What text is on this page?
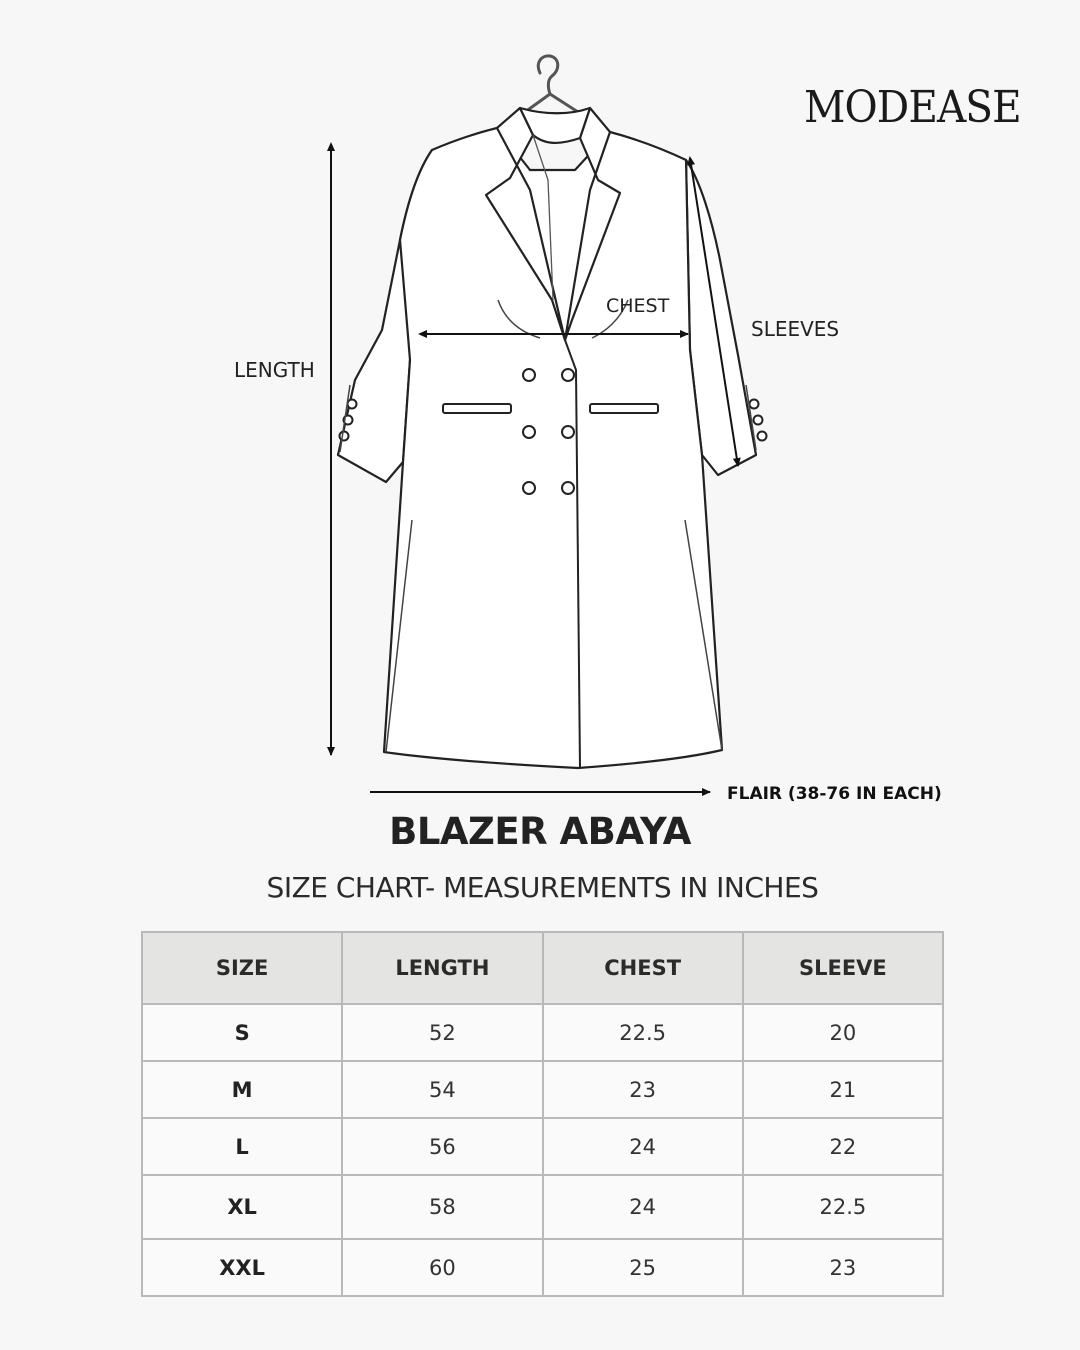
MODEASE
LENGTH
CHEST
SLEEVES
FLAIR (38-76 IN EACH)
BLAZER ABAYA
SIZE CHART- MEASUREMENTS IN INCHES
SIZE	LENGTH	CHEST	SLEEVE
S	52	22.5	20
M	54	23	21
L	56	24	22
XL	58	24	22.5
XXL	60	25	23
